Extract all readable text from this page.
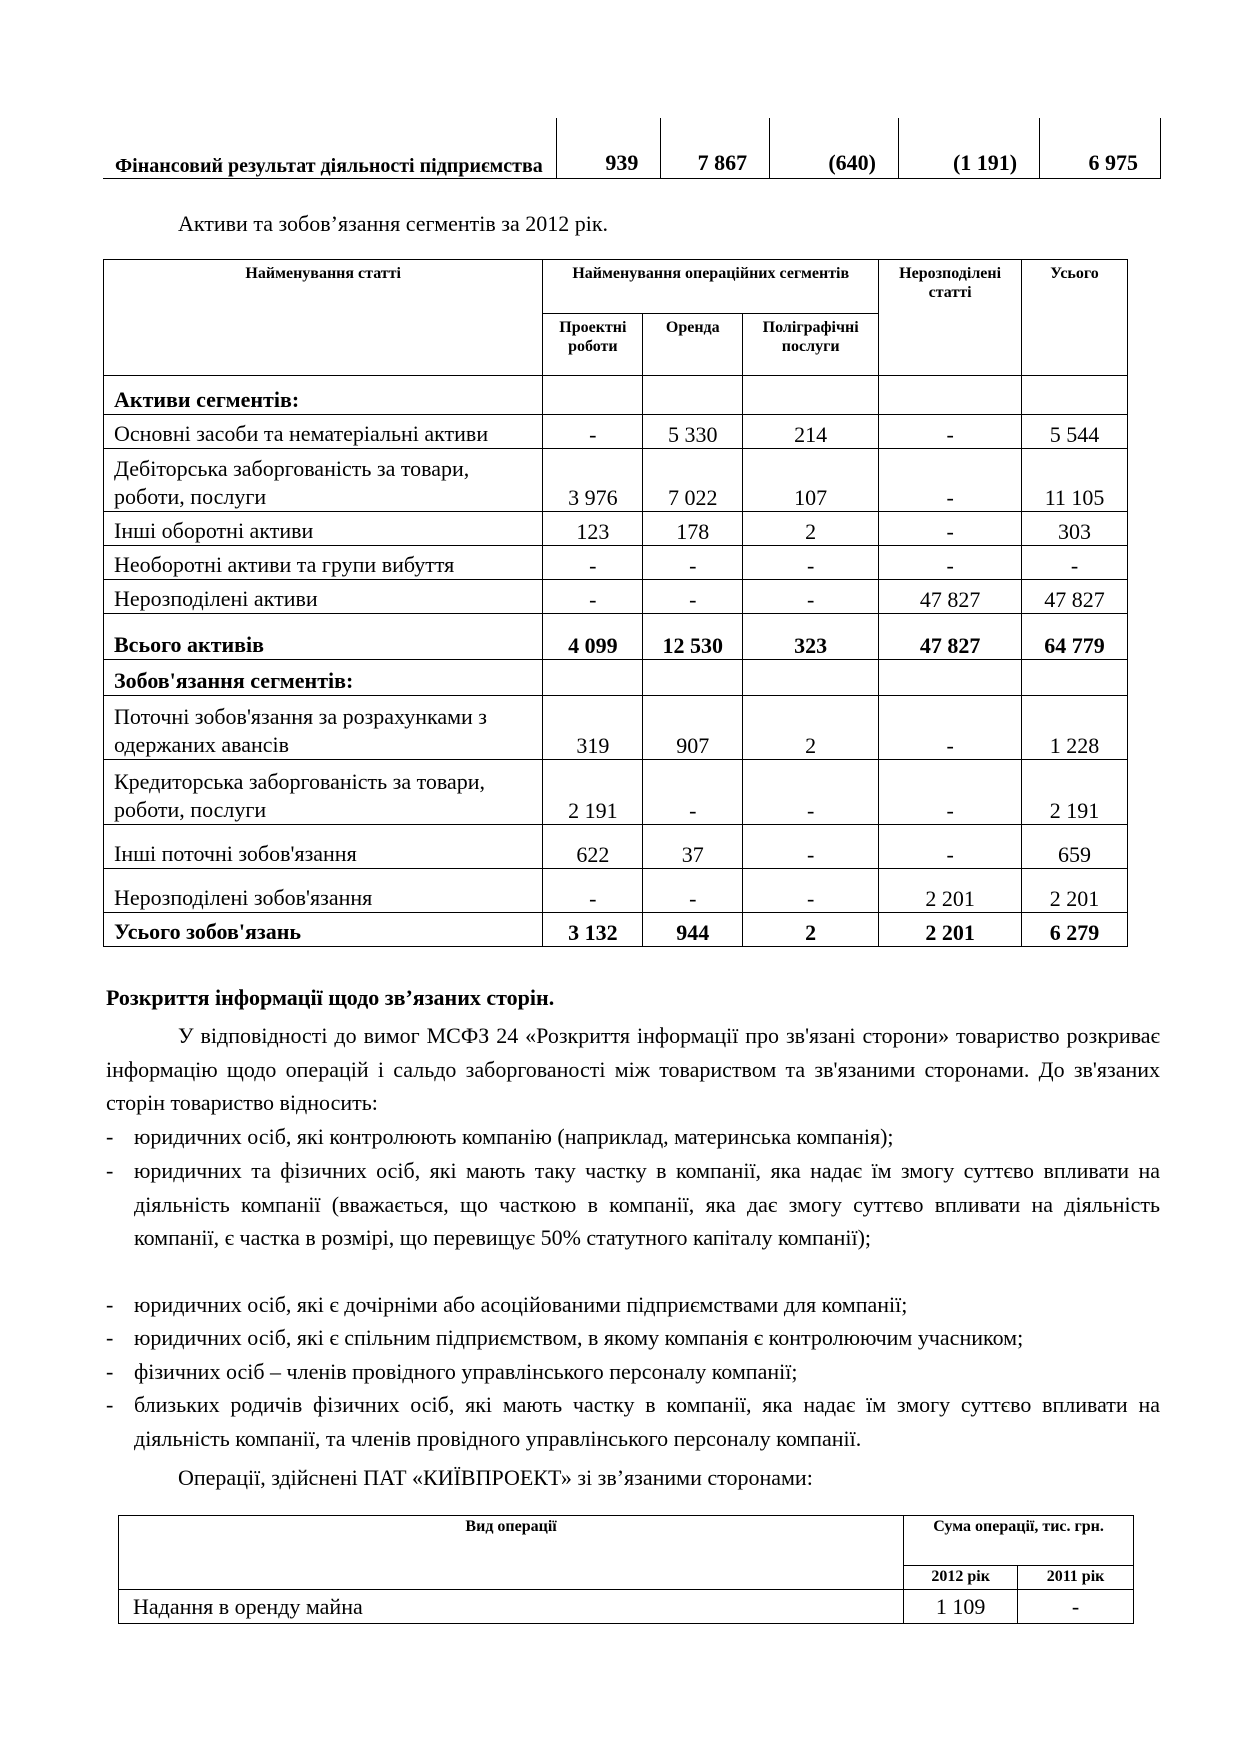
Фінансовий результат діяльності підприємства	939	7 867	(640)	(1 191)	6 975
Активи та зобов’язання сегментів за 2012 рік.
Найменування статті	Найменування операційних сегментів			Нерозподілені статті	Усього
	Проектні роботи	Оренда	Поліграфічні послуги		
Активи сегментів:					
Основні засоби та нематеріальні активи	-	5 330	214	-	5 544
Дебіторська заборгованість за товари, роботи, послуги	3 976	7 022	107	-	11 105
Інші оборотні активи	123	178	2	-	303
Необоротні активи та групи вибуття	-	-	-	-	-
Нерозподілені активи	-	-	-	47 827	47 827
Всього активів	4 099	12 530	323	47 827	64 779
Зобов'язання сегментів:					
Поточні зобов'язання за розрахунками з одержаних авансів	319	907	2	-	1 228
Кредиторська заборгованість за товари, роботи, послуги	2 191	-	-	-	2 191
Інші поточні зобов'язання	622	37	-	-	659
Нерозподілені зобов'язання	-	-	-	2 201	2 201
Усього зобов'язань	3 132	944	2	2 201	6 279
Розкриття інформації щодо зв’язаних сторін.
У відповідності до вимог МСФЗ 24 «Розкриття інформації про зв'язані сторони» товариство розкриває інформацію щодо операцій і сальдо заборгованості між товариством та зв'язаними сторонами. До зв'язаних сторін товариство відносить:
- юридичних осіб, які контролюють компанію (наприклад, материнська компанія);
- юридичних та фізичних осіб, які мають таку частку в компанії, яка надає їм змогу суттєво впливати на діяльність компанії (вважається, що часткою в компанії, яка дає змогу суттєво впливати на діяльність компанії, є частка в розмірі, що перевищує 50% статутного капіталу компанії);
- юридичних осіб, які є дочірніми або асоційованими підприємствами для компанії;
- юридичних осіб, які є спільним підприємством, в якому компанія є контролюючим учасником;
- фізичних осіб – членів провідного управлінського персоналу компанії;
- близьких родичів фізичних осіб, які мають частку в компанії, яка надає їм змогу суттєво впливати на діяльність компанії, та членів провідного управлінського персоналу компанії.
Операції, здійснені ПАТ «КИЇВПРОЕКТ» зі зв’язаними сторонами:
Вид операції	Сума операції, тис. грн.	
	2012 рік	2011 рік
Надання в оренду майна	1 109	-
